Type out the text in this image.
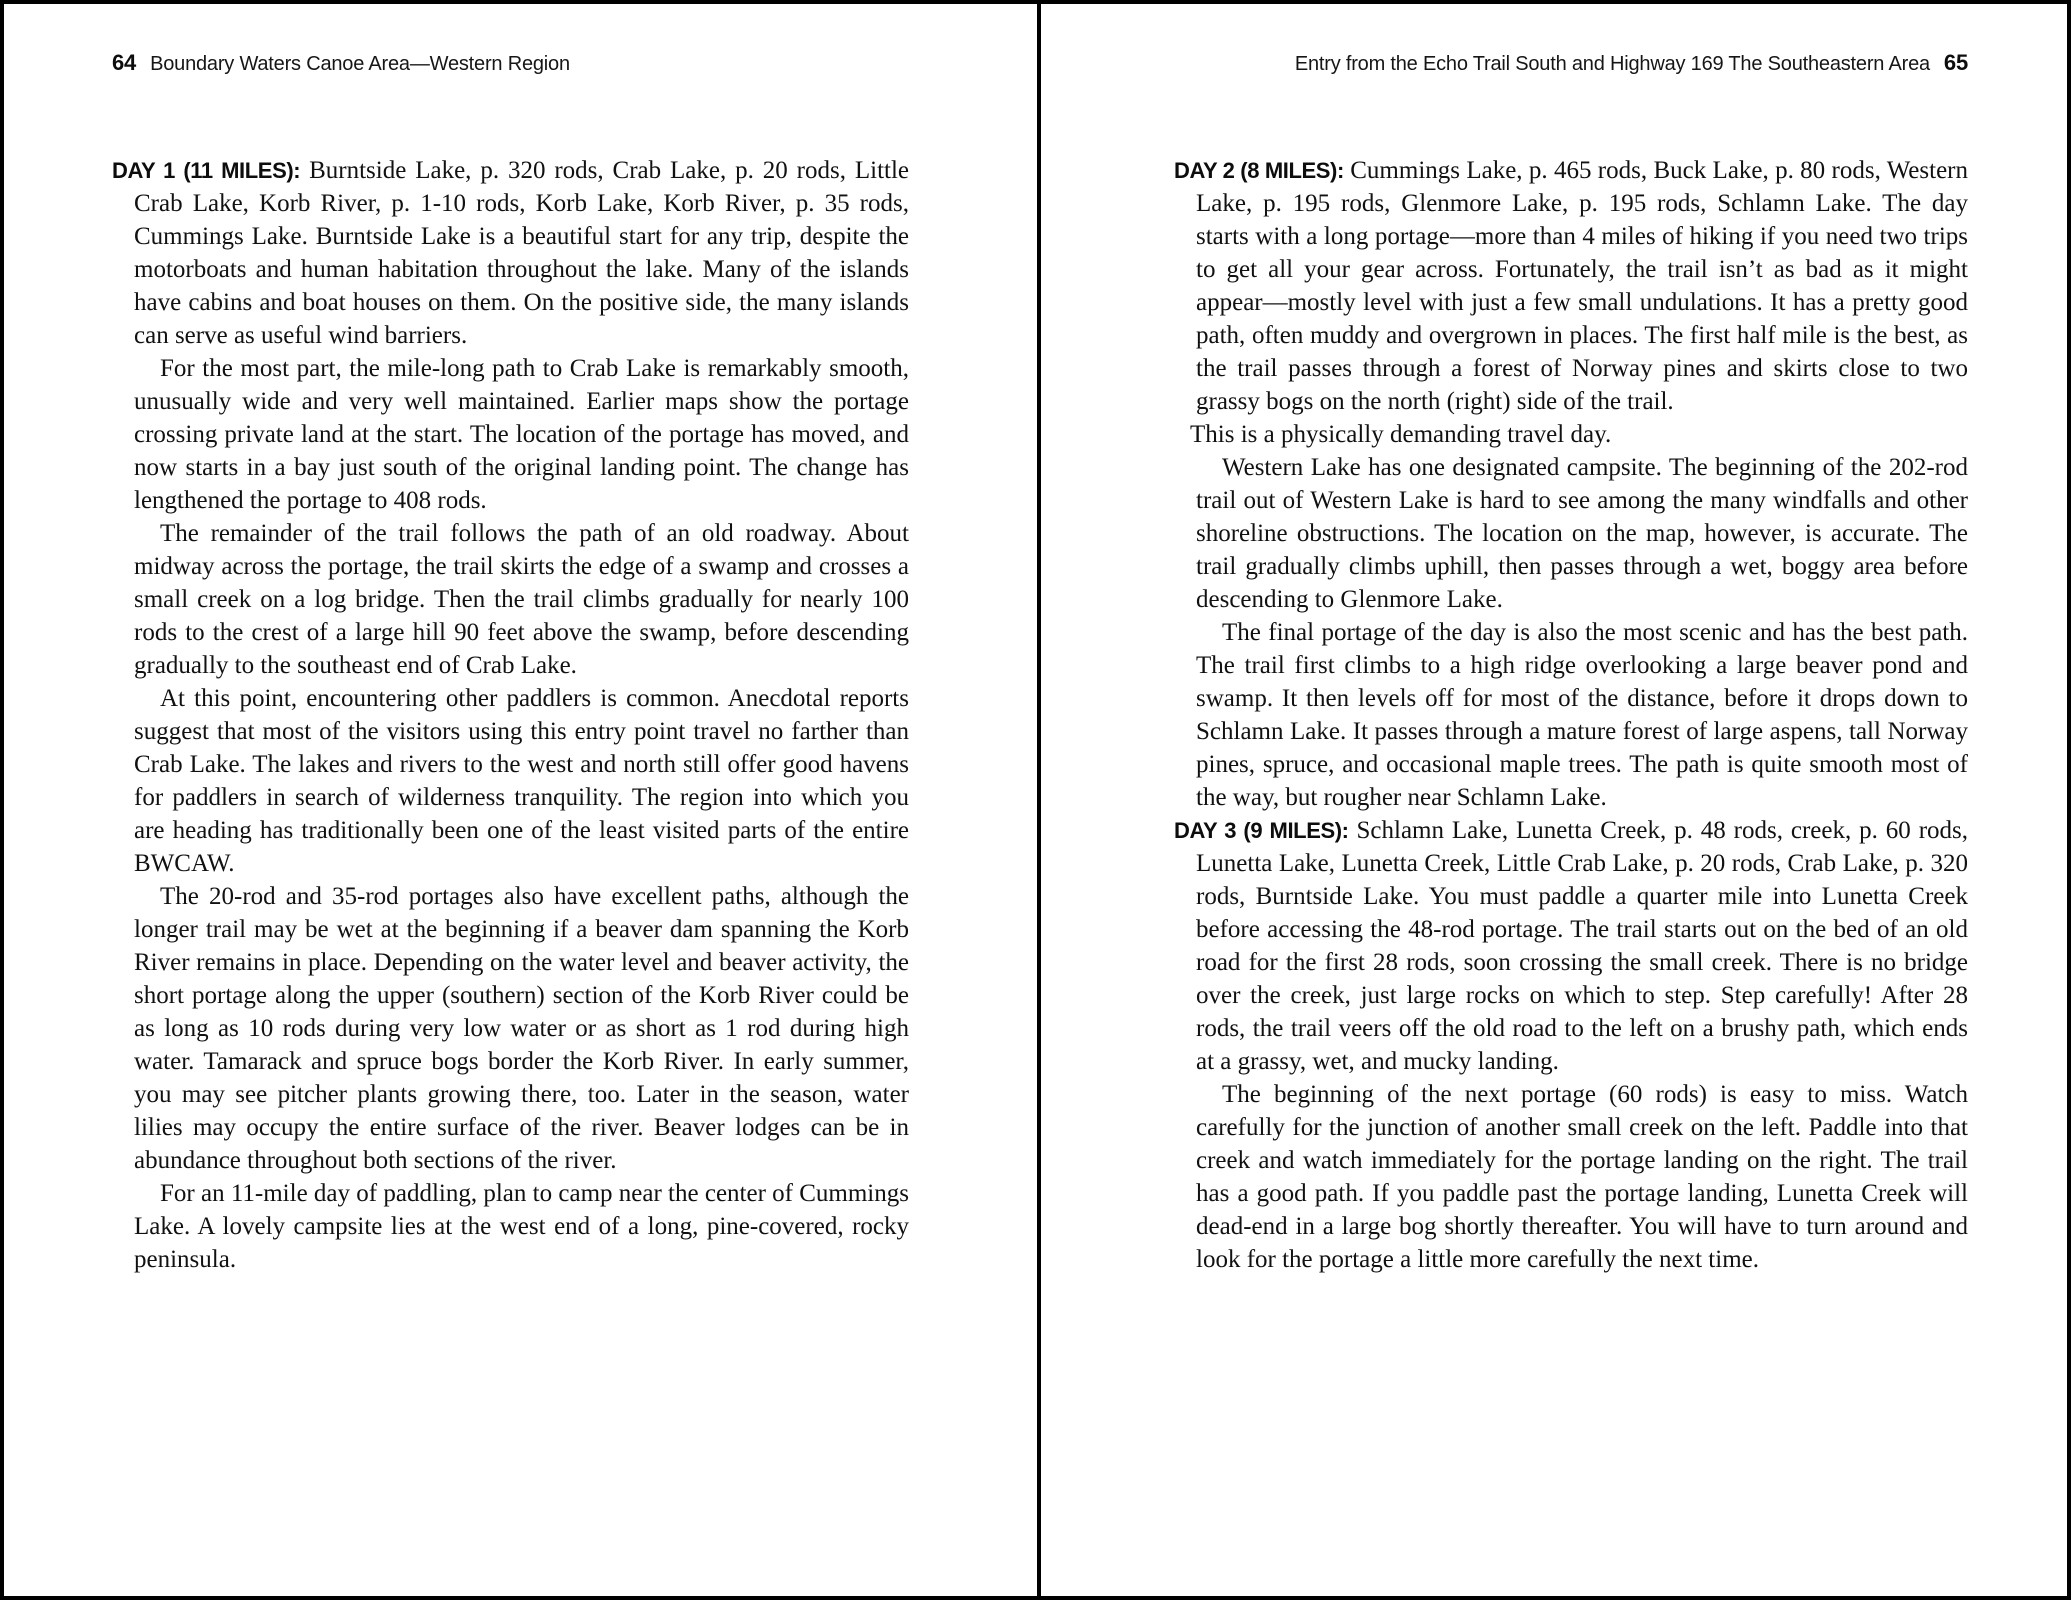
64 Boundary Waters Canoe Area—Western Region

DAY 1 (11 MILES): Burntside Lake, p. 320 rods, Crab Lake, p. 20 rods, Little Crab Lake, Korb River, p. 1-10 rods, Korb Lake, Korb River, p. 35 rods, Cummings Lake. Burntside Lake is a beautiful start for any trip, despite the motorboats and human habitation throughout the lake. Many of the islands have cabins and boat houses on them. On the positive side, the many islands can serve as useful wind barriers.

For the most part, the mile-long path to Crab Lake is remarkably smooth, unusually wide and very well maintained. Earlier maps show the portage crossing private land at the start. The location of the portage has moved, and now starts in a bay just south of the original landing point. The change has lengthened the portage to 408 rods.

The remainder of the trail follows the path of an old roadway. About midway across the portage, the trail skirts the edge of a swamp and crosses a small creek on a log bridge. Then the trail climbs gradually for nearly 100 rods to the crest of a large hill 90 feet above the swamp, before descending gradually to the southeast end of Crab Lake.

At this point, encountering other paddlers is common. Anecdotal reports suggest that most of the visitors using this entry point travel no farther than Crab Lake. The lakes and rivers to the west and north still offer good havens for paddlers in search of wilderness tranquility. The region into which you are heading has traditionally been one of the least visited parts of the entire BWCAW.

The 20-rod and 35-rod portages also have excellent paths, although the longer trail may be wet at the beginning if a beaver dam spanning the Korb River remains in place. Depending on the water level and beaver activity, the short portage along the upper (southern) section of the Korb River could be as long as 10 rods during very low water or as short as 1 rod during high water. Tamarack and spruce bogs border the Korb River. In early summer, you may see pitcher plants growing there, too. Later in the season, water lilies may occupy the entire surface of the river. Beaver lodges can be in abundance throughout both sections of the river.

For an 11-mile day of paddling, plan to camp near the center of Cummings Lake. A lovely campsite lies at the west end of a long, pine-covered, rocky peninsula.

Entry from the Echo Trail South and Highway 169 The Southeastern Area 65

DAY 2 (8 MILES): Cummings Lake, p. 465 rods, Buck Lake, p. 80 rods, Western Lake, p. 195 rods, Glenmore Lake, p. 195 rods, Schlamn Lake. The day starts with a long portage—more than 4 miles of hiking if you need two trips to get all your gear across. Fortunately, the trail isn’t as bad as it might appear—mostly level with just a few small undulations. It has a pretty good path, often muddy and overgrown in places. The first half mile is the best, as the trail passes through a forest of Norway pines and skirts close to two grassy bogs on the north (right) side of the trail.

This is a physically demanding travel day.

Western Lake has one designated campsite. The beginning of the 202-rod trail out of Western Lake is hard to see among the many windfalls and other shoreline obstructions. The location on the map, however, is accurate. The trail gradually climbs uphill, then passes through a wet, boggy area before descending to Glenmore Lake.

The final portage of the day is also the most scenic and has the best path. The trail first climbs to a high ridge overlooking a large beaver pond and swamp. It then levels off for most of the distance, before it drops down to Schlamn Lake. It passes through a mature forest of large aspens, tall Norway pines, spruce, and occasional maple trees. The path is quite smooth most of the way, but rougher near Schlamn Lake.

DAY 3 (9 MILES): Schlamn Lake, Lunetta Creek, p. 48 rods, creek, p. 60 rods, Lunetta Lake, Lunetta Creek, Little Crab Lake, p. 20 rods, Crab Lake, p. 320 rods, Burntside Lake. You must paddle a quarter mile into Lunetta Creek before accessing the 48-rod portage. The trail starts out on the bed of an old road for the first 28 rods, soon crossing the small creek. There is no bridge over the creek, just large rocks on which to step. Step carefully! After 28 rods, the trail veers off the old road to the left on a brushy path, which ends at a grassy, wet, and mucky landing.

The beginning of the next portage (60 rods) is easy to miss. Watch carefully for the junction of another small creek on the left. Paddle into that creek and watch immediately for the portage landing on the right. The trail has a good path. If you paddle past the portage landing, Lunetta Creek will dead-end in a large bog shortly thereafter. You will have to turn around and look for the portage a little more carefully the next time.
